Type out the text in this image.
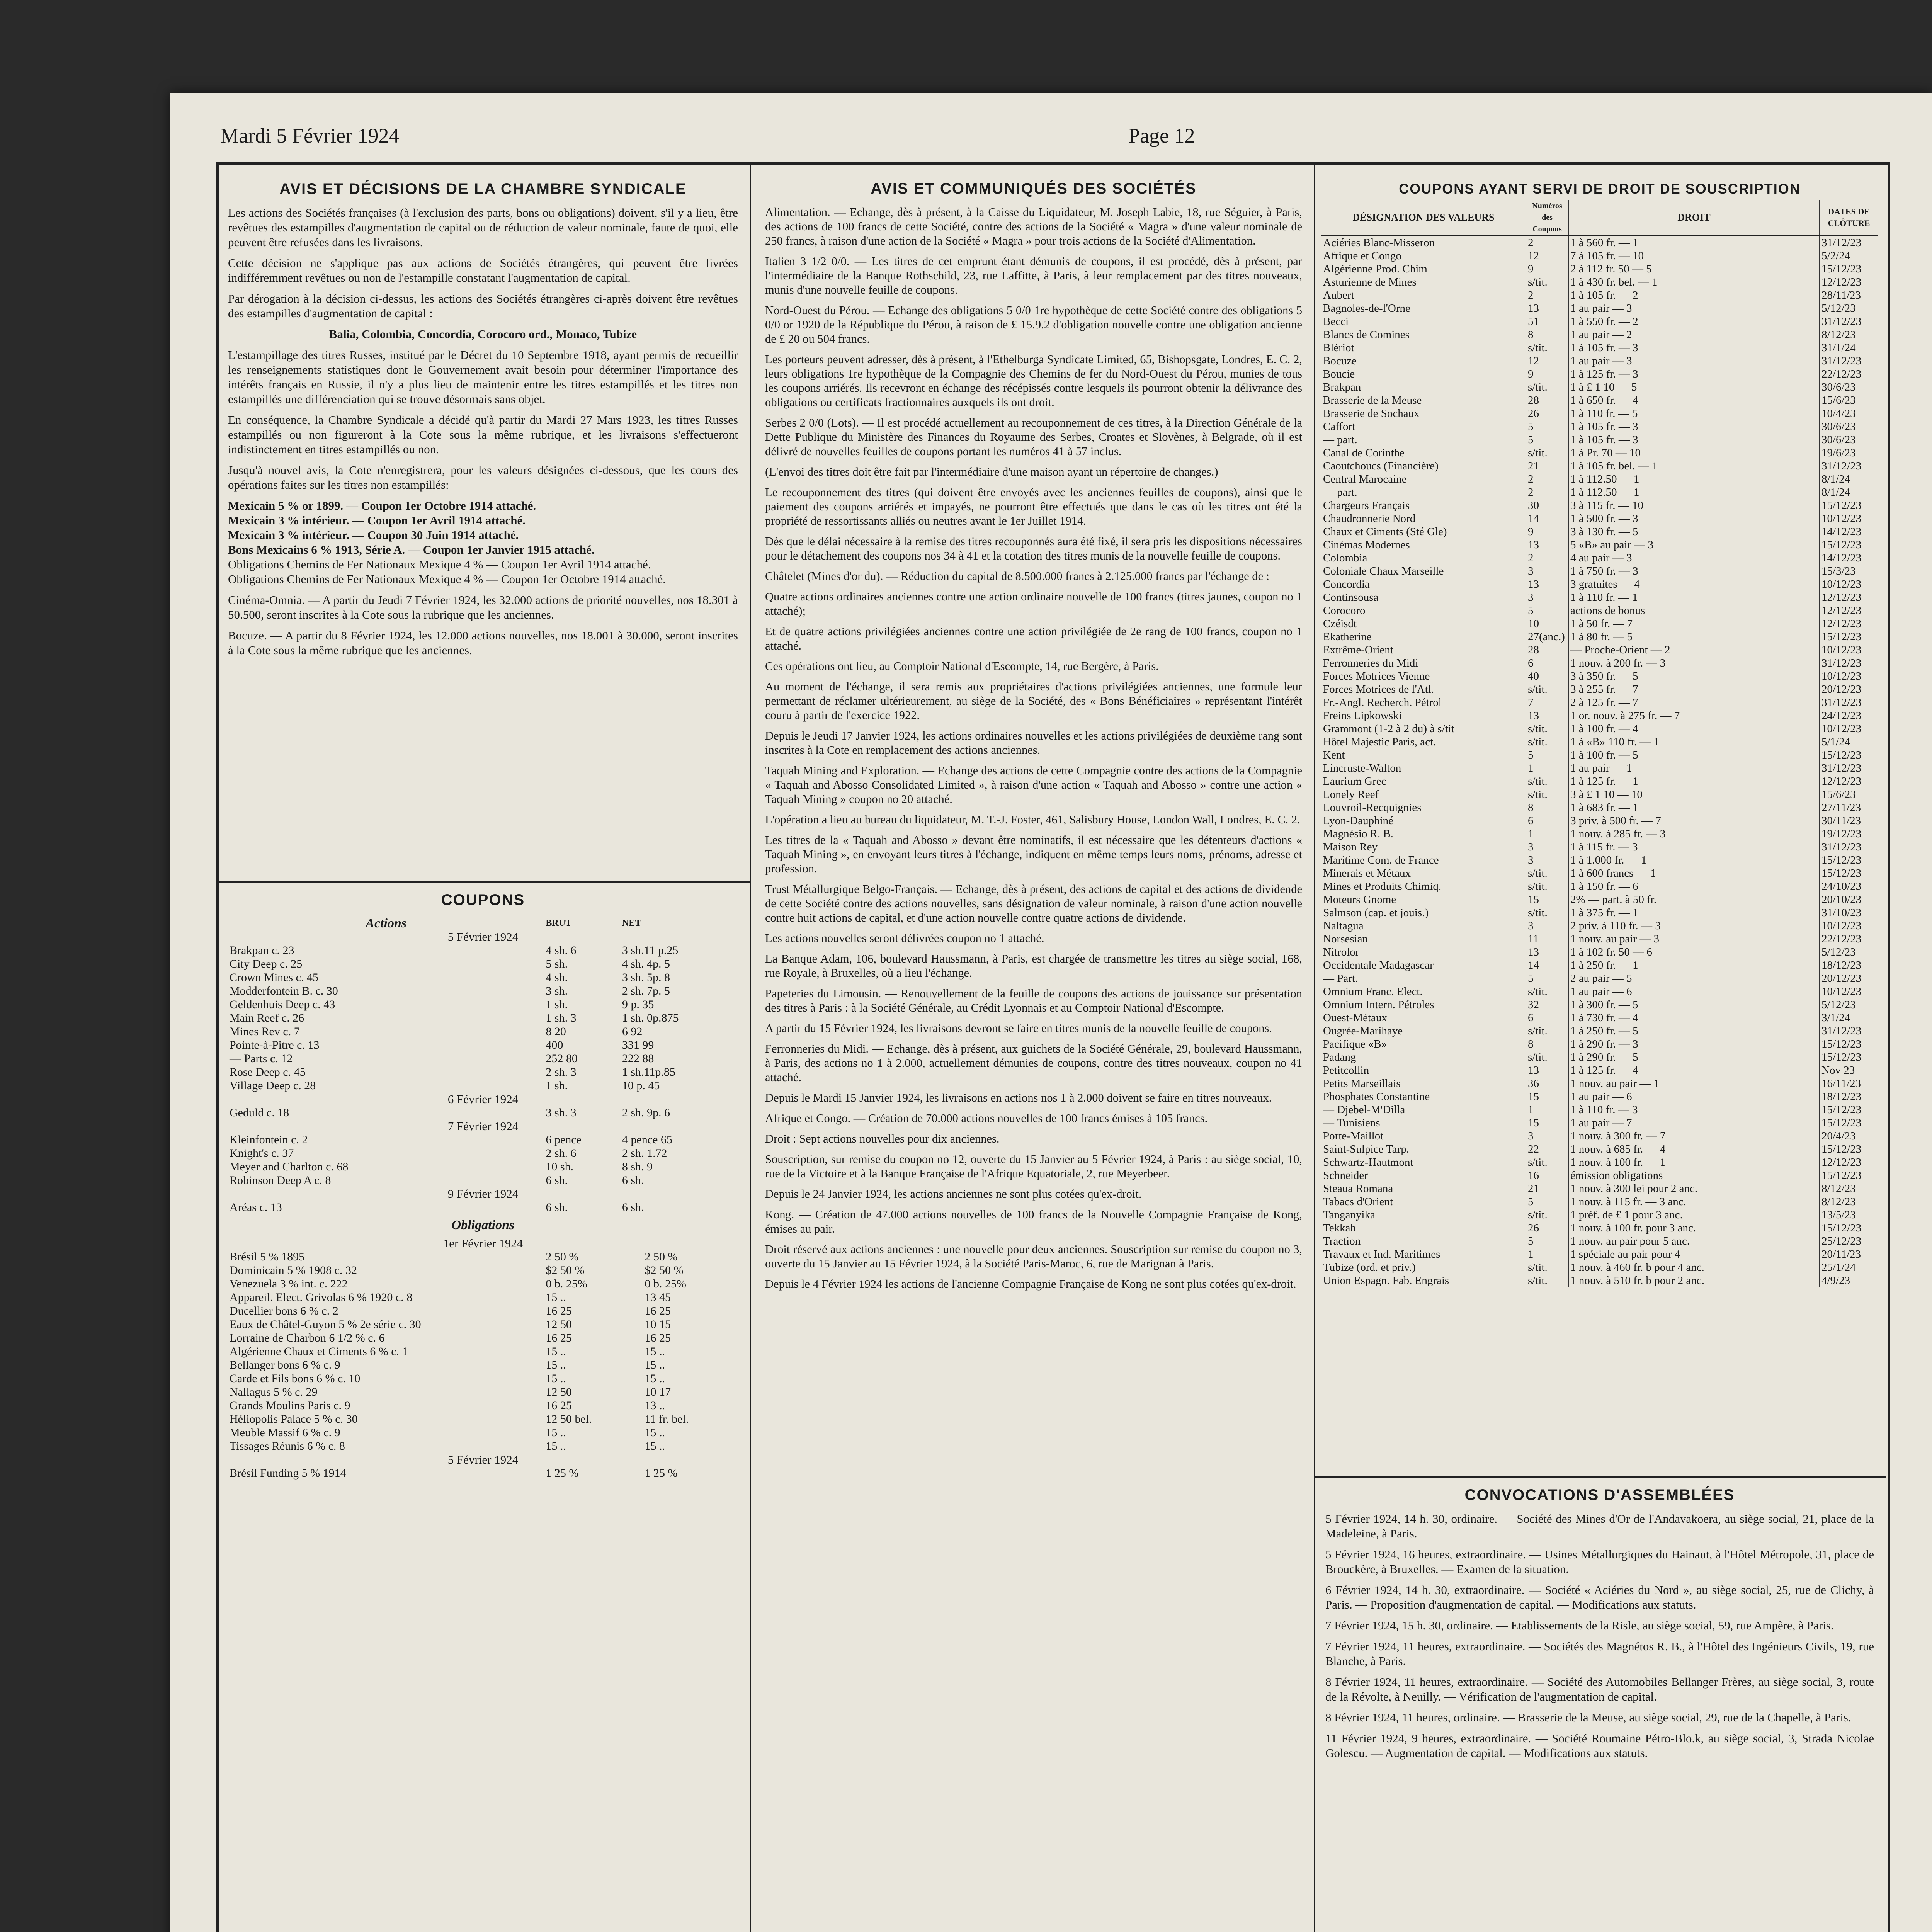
Mardi 5 Février 1924	Page 12
AVIS ET DÉCISIONS DE LA CHAMBRE SYNDICALE

Les actions des Sociétés françaises (à l'exclusion des parts, bons ou obligations) doivent, s'il y a lieu, être revêtues des estampilles d'augmentation de capital ou de réduction de valeur nominale, faute de quoi, elle peuvent être refusées dans les livraisons.

Cette décision ne s'applique pas aux actions de Sociétés étrangères, qui peuvent être livrées indifféremment revêtues ou non de l'estampille constatant l'augmentation de capital.

Par dérogation à la décision ci-dessus, les actions des Sociétés étrangères ci-après doivent être revêtues des estampilles d'augmentation de capital :

Balia, Colombia, Concordia, Corocoro ord., Monaco, Tubize

L'estampillage des titres Russes, institué par le Décret du 10 Septembre 1918, ayant permis de recueillir les renseignements statistiques dont le Gouvernement avait besoin pour déterminer l'importance des intérêts français en Russie, il n'y a plus lieu de maintenir entre les titres estampillés et les titres non estampillés une différenciation qui se trouve désormais sans objet.

En conséquence, la Chambre Syndicale a décidé qu'à partir du Mardi 27 Mars 1923, les titres Russes estampillés ou non figureront à la Cote sous la même rubrique, et les livraisons s'effectueront indistinctement en titres estampillés ou non.

Jusqu'à nouvel avis, la Cote n'enregistrera, pour les valeurs désignées ci-dessous, que les cours des opérations faites sur les titres non estampillés:

Mexicain 5 % or 1899. — Coupon 1er Octobre 1914 attaché.

Mexicain 3 % intérieur. — Coupon 1er Avril 1914 attaché.

Mexicain 3 % intérieur. — Coupon 30 Juin 1914 attaché.

Bons Mexicains 6 % 1913, Série A. — Coupon 1er Janvier 1915 attaché.

Obligations Chemins de Fer Nationaux Mexique 4 % — Coupon 1er Avril 1914 attaché.

Obligations Chemins de Fer Nationaux Mexique 4 % — Coupon 1er Octobre 1914 attaché.

Cinéma-Omnia. — A partir du Jeudi 7 Février 1924, les 32.000 actions de priorité nouvelles, nos 18.301 à 50.500, seront inscrites à la Cote sous la rubrique que les anciennes.

Bocuze. — A partir du 8 Février 1924, les 12.000 actions nouvelles, nos 18.001 à 30.000, seront inscrites à la Cote sous la même rubrique que les anciennes.

COUPONS
Actions	BRUT	NET
5 Février 1924		
Brakpan c. 23	4 sh. 6	3 sh.11 p.25
City Deep c. 25	5 sh.	4 sh. 4p. 5
Crown Mines c. 45	4 sh.	3 sh. 5p. 8
Modderfontein B. c. 30	3 sh.	2 sh. 7p. 5
Geldenhuis Deep c. 43	1 sh.	9 p. 35
Main Reef c. 26	1 sh. 3	1 sh. 0p.875
Mines Rev c. 7	8 20	6 92
Pointe-à-Pitre c. 13	400	331 99
— Parts c. 12	252 80	222 88
Rose Deep c. 45	2 sh. 3	1 sh.11p.85
Village Deep c. 28	1 sh.	10 p. 45
6 Février 1924		
Geduld c. 18	3 sh. 3	2 sh. 9p. 6
7 Février 1924		
Kleinfontein c. 2	6 pence	4 pence 65
Knight's c. 37	2 sh. 6	2 sh. 1.72
Meyer and Charlton c. 68	10 sh.	8 sh. 9
Robinson Deep A c. 8	6 sh.	6 sh.
9 Février 1924		
Aréas c. 13	6 sh.	6 sh.
Obligations
1er Février 1924		
Brésil 5 % 1895	2 50 %	2 50 %
Dominicain 5 % 1908 c. 32	$2 50 %	$2 50 %
Venezuela 3 % int. c. 222	0 b. 25%	0 b. 25%
Appareil. Elect. Grivolas 6 % 1920 c. 8	15 ..	13 45
Ducellier bons 6 % c. 2	16 25	16 25
Eaux de Châtel-Guyon 5 % 2e série c. 30	12 50	10 15
Lorraine de Charbon 6 1/2 % c. 6	16 25	16 25
Algérienne Chaux et Ciments 6 % c. 1	15 ..	15 ..
Bellanger bons 6 % c. 9	15 ..	15 ..
Carde et Fils bons 6 % c. 10	15 ..	15 ..
Nallagus 5 % c. 29	12 50	10 17
Grands Moulins Paris c. 9	16 25	13 ..
Héliopolis Palace 5 % c. 30	12 50 bel.	11 fr. bel.
Meuble Massif 6 % c. 9	15 ..	15 ..
Tissages Réunis 6 % c. 8	15 ..	15 ..
5 Février 1924		
Brésil Funding 5 % 1914	1 25 %	1 25 %
AVIS ET COMMUNIQUÉS DES SOCIÉTÉS

Alimentation. — Echange, dès à présent, à la Caisse du Liquidateur, M. Joseph Labie, 18, rue Séguier, à Paris, des actions de 100 francs de cette Société, contre des actions de la Société « Magra » d'une valeur nominale de 250 francs, à raison d'une action de la Société « Magra » pour trois actions de la Société d'Alimentation.

Italien 3 1/2 0/0. — Les titres de cet emprunt étant démunis de coupons, il est procédé, dès à présent, par l'intermédiaire de la Banque Rothschild, 23, rue Laffitte, à Paris, à leur remplacement par des titres nouveaux, munis d'une nouvelle feuille de coupons.

Nord-Ouest du Pérou. — Echange des obligations 5 0/0 1re hypothèque de cette Société contre des obligations 5 0/0 or 1920 de la République du Pérou, à raison de £ 15.9.2 d'obligation nouvelle contre une obligation ancienne de £ 20 ou 504 francs.

Les porteurs peuvent adresser, dès à présent, à l'Ethelburga Syndicate Limited, 65, Bishopsgate, Londres, E. C. 2, leurs obligations 1re hypothèque de la Compagnie des Chemins de fer du Nord-Ouest du Pérou, munies de tous les coupons arriérés. Ils recevront en échange des récépissés contre lesquels ils pourront obtenir la délivrance des obligations ou certificats fractionnaires auxquels ils ont droit.

Serbes 2 0/0 (Lots). — Il est procédé actuellement au recouponnement de ces titres, à la Direction Générale de la Dette Publique du Ministère des Finances du Royaume des Serbes, Croates et Slovènes, à Belgrade, où il est délivré de nouvelles feuilles de coupons portant les numéros 41 à 57 inclus.

(L'envoi des titres doit être fait par l'intermédiaire d'une maison ayant un répertoire de changes.)

Le recouponnement des titres (qui doivent être envoyés avec les anciennes feuilles de coupons), ainsi que le paiement des coupons arriérés et impayés, ne pourront être effectués que dans le cas où les titres ont été la propriété de ressortissants alliés ou neutres avant le 1er Juillet 1914.

Dès que le délai nécessaire à la remise des titres recouponnés aura été fixé, il sera pris les dispositions nécessaires pour le détachement des coupons nos 34 à 41 et la cotation des titres munis de la nouvelle feuille de coupons.

Châtelet (Mines d'or du). — Réduction du capital de 8.500.000 francs à 2.125.000 francs par l'échange de :

Quatre actions ordinaires anciennes contre une action ordinaire nouvelle de 100 francs (titres jaunes, coupon no 1 attaché);

Et de quatre actions privilégiées anciennes contre une action privilégiée de 2e rang de 100 francs, coupon no 1 attaché.

Ces opérations ont lieu, au Comptoir National d'Escompte, 14, rue Bergère, à Paris.

Au moment de l'échange, il sera remis aux propriétaires d'actions privilégiées anciennes, une formule leur permettant de réclamer ultérieurement, au siège de la Société, des « Bons Bénéficiaires » représentant l'intérêt couru à partir de l'exercice 1922.

Depuis le Jeudi 17 Janvier 1924, les actions ordinaires nouvelles et les actions privilégiées de deuxième rang sont inscrites à la Cote en remplacement des actions anciennes.

Taquah Mining and Exploration. — Echange des actions de cette Compagnie contre des actions de la Compagnie « Taquah and Abosso Consolidated Limited », à raison d'une action « Taquah and Abosso » contre une action « Taquah Mining » coupon no 20 attaché.

L'opération a lieu au bureau du liquidateur, M. T.-J. Foster, 461, Salisbury House, London Wall, Londres, E. C. 2.

Les titres de la « Taquah and Abosso » devant être nominatifs, il est nécessaire que les détenteurs d'actions « Taquah Mining », en envoyant leurs titres à l'échange, indiquent en même temps leurs noms, prénoms, adresse et profession.

Trust Métallurgique Belgo-Français. — Echange, dès à présent, des actions de capital et des actions de dividende de cette Société contre des actions nouvelles, sans désignation de valeur nominale, à raison d'une action nouvelle contre huit actions de capital, et d'une action nouvelle contre quatre actions de dividende.

Les actions nouvelles seront délivrées coupon no 1 attaché.

La Banque Adam, 106, boulevard Haussmann, à Paris, est chargée de transmettre les titres au siège social, 168, rue Royale, à Bruxelles, où a lieu l'échange.

Papeteries du Limousin. — Renouvellement de la feuille de coupons des actions de jouissance sur présentation des titres à Paris : à la Société Générale, au Crédit Lyonnais et au Comptoir National d'Escompte.

A partir du 15 Février 1924, les livraisons devront se faire en titres munis de la nouvelle feuille de coupons.

Ferronneries du Midi. — Echange, dès à présent, aux guichets de la Société Générale, 29, boulevard Haussmann, à Paris, des actions no 1 à 2.000, actuellement démunies de coupons, contre des titres nouveaux, coupon no 41 attaché.

Depuis le Mardi 15 Janvier 1924, les livraisons en actions nos 1 à 2.000 doivent se faire en titres nouveaux.

Afrique et Congo. — Création de 70.000 actions nouvelles de 100 francs émises à 105 francs.

Droit : Sept actions nouvelles pour dix anciennes.

Souscription, sur remise du coupon no 12, ouverte du 15 Janvier au 5 Février 1924, à Paris : au siège social, 10, rue de la Victoire et à la Banque Française de l'Afrique Equatoriale, 2, rue Meyerbeer.

Depuis le 24 Janvier 1924, les actions anciennes ne sont plus cotées qu'ex-droit.

Kong. — Création de 47.000 actions nouvelles de 100 francs de la Nouvelle Compagnie Française de Kong, émises au pair.

Droit réservé aux actions anciennes : une nouvelle pour deux anciennes. Souscription sur remise du coupon no 3, ouverte du 15 Janvier au 15 Février 1924, à la Société Paris-Maroc, 6, rue de Marignan à Paris.

Depuis le 4 Février 1924 les actions de l'ancienne Compagnie Française de Kong ne sont plus cotées qu'ex-droit.

COUPONS AYANT SERVI DE DROIT DE SOUSCRIPTION
DÉSIGNATION DES VALEURS	Numéros des Coupons	DROIT	DATES DE CLÔTURE
Aciéries Blanc-Misseron	2	1 à 560 fr. — 1	31/12/23
Afrique et Congo	12	7 à 105 fr. — 10	5/2/24
Algérienne Prod. Chim	9	2 à 112 fr. 50 — 5	15/12/23
Asturienne de Mines	s/tit.	1 à 430 fr. bel. — 1	12/12/23
Aubert	2	1 à 105 fr. — 2	28/11/23
Bagnoles-de-l'Orne	13	1 au pair — 3	5/12/23
Becci	51	1 à 550 fr. — 2	31/12/23
Blancs de Comines	8	1 au pair — 2	8/12/23
Blériot	s/tit.	1 à 105 fr. — 3	31/1/24
Bocuze	12	1 au pair — 3	31/12/23
Boucie	9	1 à 125 fr. — 3	22/12/23
Brakpan	s/tit.	1 à £ 1 10 — 5	30/6/23
Brasserie de la Meuse	28	1 à 650 fr. — 4	15/6/23
Brasserie de Sochaux	26	1 à 110 fr. — 5	10/4/23
Caffort	5	1 à 105 fr. — 3	30/6/23
— part.	5	1 à 105 fr. — 3	30/6/23
Canal de Corinthe	s/tit.	1 à Pr. 70 — 10	19/6/23
Caoutchoucs (Financière)	21	1 à 105 fr. bel. — 1	31/12/23
Central Marocaine	2	1 à 112.50 — 1	8/1/24
— part.	2	1 à 112.50 — 1	8/1/24
Chargeurs Français	30	3 à 115 fr. — 10	15/12/23
Chaudronnerie Nord	14	1 à 500 fr. — 3	10/12/23
Chaux et Ciments (Sté Gle)	9	3 à 130 fr. — 5	14/12/23
Cinémas Modernes	13	5 «B» au pair — 3	15/12/23
Colombia	2	4 au pair — 3	14/12/23
Coloniale Chaux Marseille	3	1 à 750 fr. — 3	15/3/23
Concordia	13	3 gratuites — 4	10/12/23
Continsousa	3	1 à 110 fr. — 1	12/12/23
Corocoro	5	actions de bonus	12/12/23
Czéisdt	10	1 à 50 fr. — 7	12/12/23
Ekatherine	27(anc.)	1 à 80 fr. — 5	15/12/23
Extrême-Orient	28	— Proche-Orient — 2	10/12/23
Ferronneries du Midi	6	1 nouv. à 200 fr. — 3	31/12/23
Forces Motrices Vienne	40	3 à 350 fr. — 5	10/12/23
Forces Motrices de l'Atl.	s/tit.	3 à 255 fr. — 7	20/12/23
Fr.-Angl. Recherch. Pétrol	7	2 à 125 fr. — 7	31/12/23
Freins Lipkowski	13	1 or. nouv. à 275 fr. — 7	24/12/23
Grammont (1-2 à 2 du) à s/tit	s/tit.	1 à 100 fr. — 4	10/12/23
Hôtel Majestic Paris, act.	s/tit.	1 à «B» 110 fr. — 1	5/1/24
Kent	5	1 à 100 fr. — 5	15/12/23
Lincruste-Walton	1	1 au pair — 1	31/12/23
Laurium Grec	s/tit.	1 à 125 fr. — 1	12/12/23
Lonely Reef	s/tit.	3 à £ 1 10 — 10	15/6/23
Louvroil-Recquignies	8	1 à 683 fr. — 1	27/11/23
Lyon-Dauphiné	6	3 priv. à 500 fr. — 7	30/11/23
Magnésio R. B.	1	1 nouv. à 285 fr. — 3	19/12/23
Maison Rey	3	1 à 115 fr. — 3	31/12/23
Maritime Com. de France	3	1 à 1.000 fr. — 1	15/12/23
Minerais et Métaux	s/tit.	1 à 600 francs — 1	15/12/23
Mines et Produits Chimiq.	s/tit.	1 à 150 fr. — 6	24/10/23
Moteurs Gnome	15	2% — part. à 50 fr.	20/10/23
Salmson (cap. et jouis.)	s/tit.	1 à 375 fr. — 1	31/10/23
Naltagua	3	2 priv. à 110 fr. — 3	10/12/23
Norsesian	11	1 nouv. au pair — 3	22/12/23
Nitrolor	13	1 à 102 fr. 50 — 6	5/12/23
Occidentale Madagascar	14	1 à 250 fr. — 1	18/12/23
— Part.	5	2 au pair — 5	20/12/23
Omnium Franc. Elect.	s/tit.	1 au pair — 6	10/12/23
Omnium Intern. Pétroles	32	1 à 300 fr. — 5	5/12/23
Ouest-Métaux	6	1 à 730 fr. — 4	3/1/24
Ougrée-Marihaye	s/tit.	1 à 250 fr. — 5	31/12/23
Pacifique «B»	8	1 à 290 fr. — 3	15/12/23
Padang	s/tit.	1 à 290 fr. — 5	15/12/23
Petitcollin	13	1 à 125 fr. — 4	Nov 23
Petits Marseillais	36	1 nouv. au pair — 1	16/11/23
Phosphates Constantine	15	1 au pair — 6	18/12/23
— Djebel-M'Dilla	1	1 à 110 fr. — 3	15/12/23
— Tunisiens	15	1 au pair — 7	15/12/23
Porte-Maillot	3	1 nouv. à 300 fr. — 7	20/4/23
Saint-Sulpice Tarp.	22	1 nouv. à 685 fr. — 4	15/12/23
Schwartz-Hautmont	s/tit.	1 nouv. à 100 fr. — 1	12/12/23
Schneider	16	émission obligations	15/12/23
Steaua Romana	21	1 nouv. à 300 lei pour 2 anc.	8/12/23
Tabacs d'Orient	5	1 nouv. à 115 fr. — 3 anc.	8/12/23
Tanganyika	s/tit.	1 préf. de £ 1 pour 3 anc.	13/5/23
Tekkah	26	1 nouv. à 100 fr. pour 3 anc.	15/12/23
Traction	5	1 nouv. au pair pour 5 anc.	25/12/23
Travaux et Ind. Maritimes	1	1 spéciale au pair pour 4	20/11/23
Tubize (ord. et priv.)	s/tit.	1 nouv. à 460 fr. b pour 4 anc.	25/1/24
Union Espagn. Fab. Engrais	s/tit.	1 nouv. à 510 fr. b pour 2 anc.	4/9/23
CONVOCATIONS D'ASSEMBLÉES

5 Février 1924, 14 h. 30, ordinaire. — Société des Mines d'Or de l'Andavakoera, au siège social, 21, place de la Madeleine, à Paris.

5 Février 1924, 16 heures, extraordinaire. — Usines Métallurgiques du Hainaut, à l'Hôtel Métropole, 31, place de Brouckère, à Bruxelles. — Examen de la situation.

6 Février 1924, 14 h. 30, extraordinaire. — Société « Aciéries du Nord », au siège social, 25, rue de Clichy, à Paris. — Proposition d'augmentation de capital. — Modifications aux statuts.

7 Février 1924, 15 h. 30, ordinaire. — Etablissements de la Risle, au siège social, 59, rue Ampère, à Paris.

7 Février 1924, 11 heures, extraordinaire. — Sociétés des Magnétos R. B., à l'Hôtel des Ingénieurs Civils, 19, rue Blanche, à Paris.

8 Février 1924, 11 heures, extraordinaire. — Société des Automobiles Bellanger Frères, au siège social, 3, route de la Révolte, à Neuilly. — Vérification de l'augmentation de capital.

8 Février 1924, 11 heures, ordinaire. — Brasserie de la Meuse, au siège social, 29, rue de la Chapelle, à Paris.

11 Février 1924, 9 heures, extraordinaire. — Société Roumaine Pétro-Blo.k, au siège social, 3, Strada Nicolae Golescu. — Augmentation de capital. — Modifications aux statuts.
